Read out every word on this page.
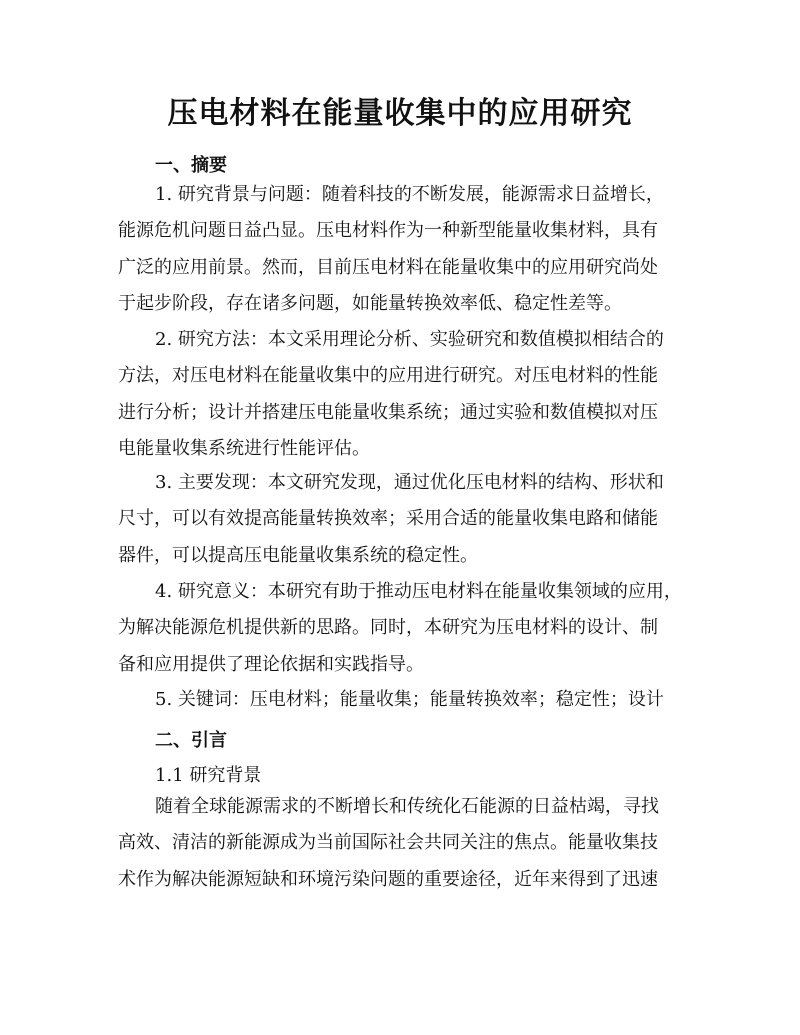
压电材料在能量收集中的应用研究
一、摘要
1. 研究背景与问题：随着科技的不断发展，能源需求日益增长，
能源危机问题日益凸显。压电材料作为一种新型能量收集材料，具有
广泛的应用前景。然而，目前压电材料在能量收集中的应用研究尚处
于起步阶段，存在诸多问题，如能量转换效率低、稳定性差等。
2. 研究方法：本文采用理论分析、实验研究和数值模拟相结合的
方法，对压电材料在能量收集中的应用进行研究。对压电材料的性能
进行分析；设计并搭建压电能量收集系统；通过实验和数值模拟对压
电能量收集系统进行性能评估。
3. 主要发现：本文研究发现，通过优化压电材料的结构、形状和
尺寸，可以有效提高能量转换效率；采用合适的能量收集电路和储能
器件，可以提高压电能量收集系统的稳定性。
4. 研究意义：本研究有助于推动压电材料在能量收集领域的应用，
为解决能源危机提供新的思路。同时，本研究为压电材料的设计、制
备和应用提供了理论依据和实践指导。
5. 关键词：压电材料；能量收集；能量转换效率；稳定性；设计
二、引言
1.1 研究背景
随着全球能源需求的不断增长和传统化石能源的日益枯竭，寻找
高效、清洁的新能源成为当前国际社会共同关注的焦点。能量收集技
术作为解决能源短缺和环境污染问题的重要途径，近年来得到了迅速
